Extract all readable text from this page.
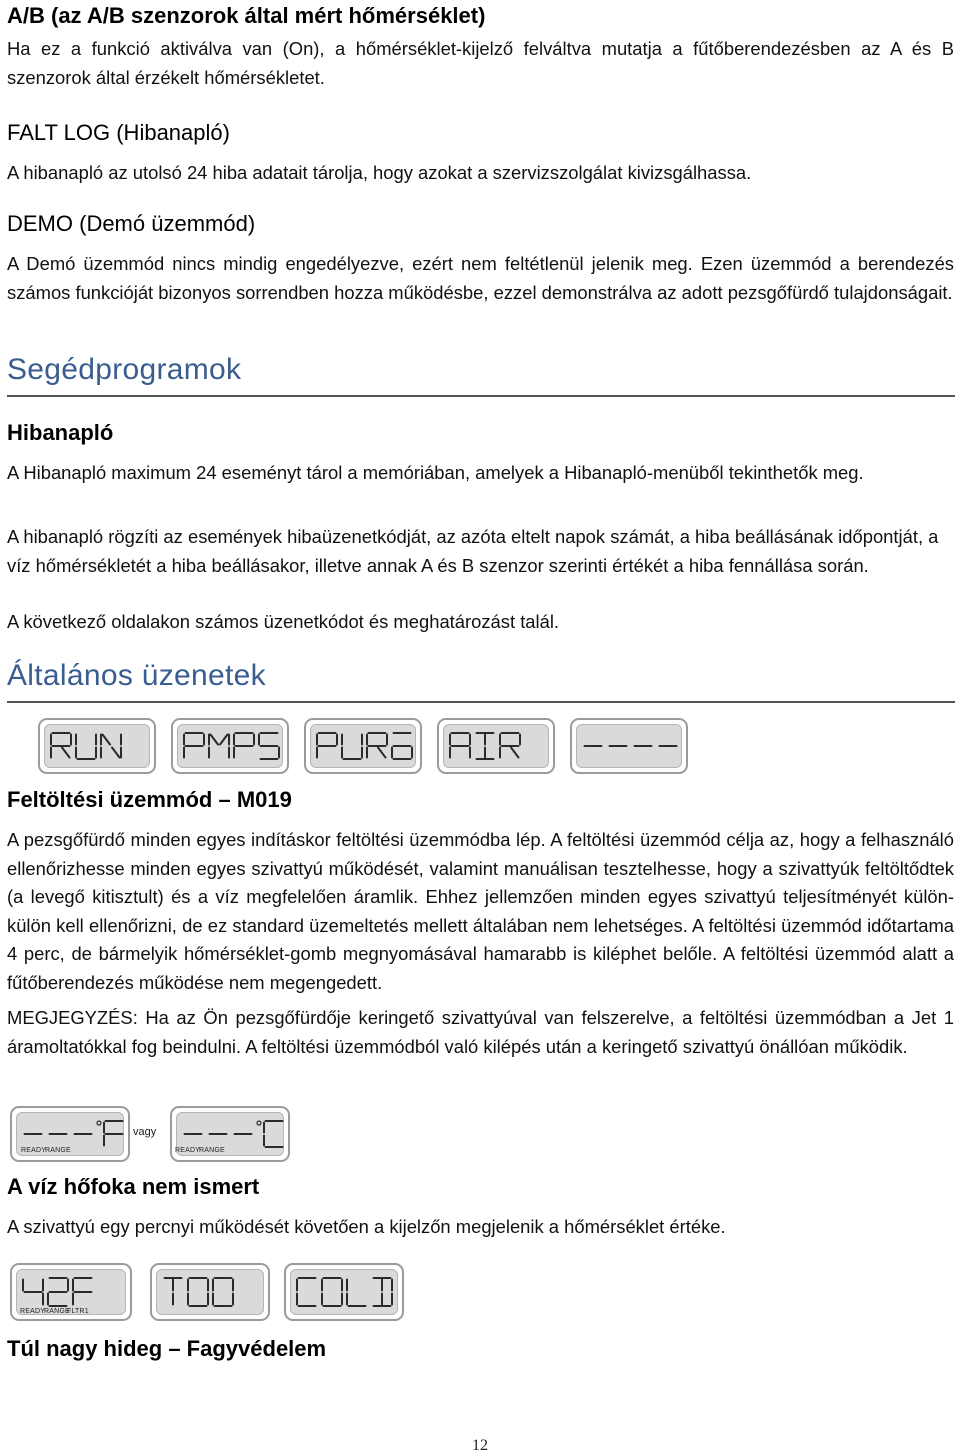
A/B (az A/B szenzorok által mért hőmérséklet)
Ha ez a funkció aktiválva van (On), a hőmérséklet-kijelző felváltva mutatja a fűtőberendezésben az A és B szenzorok által érzékelt hőmérsékletet.
FALT LOG (Hibanapló)
A hibanapló az utolsó 24 hiba adatait tárolja, hogy azokat a szervizszolgálat kivizsgálhassa.
DEMO (Demó üzemmód)
A Demó üzemmód nincs mindig engedélyezve, ezért nem feltétlenül jelenik meg. Ezen üzemmód a berendezés számos funkcióját bizonyos sorrendben hozza működésbe, ezzel demonstrálva az adott pezsgőfürdő tulajdonságait.
Segédprogramok
Hibanapló
A Hibanapló maximum 24 eseményt tárol a memóriában, amelyek a Hibanapló-menüből tekinthetők meg.
A hibanapló rögzíti az események hibaüzenetkódját, az azóta eltelt napok számát, a hiba beállásának időpontját, a víz hőmérsékletét a hiba beállásakor, illetve annak A és B szenzor szerinti értékét a hiba fennállása során.
A következő oldalakon számos üzenetkódot és meghatározást talál.
Általános üzenetek
Feltöltési üzemmód – M019
A pezsgőfürdő minden egyes indításkor feltöltési üzemmódba lép. A feltöltési üzemmód célja az, hogy a felhasználó ellenőrizhesse minden egyes szivattyú működését, valamint manuálisan tesztelhesse, hogy a szivattyúk feltöltődtek (a levegő kitisztult) és a víz megfelelően áramlik. Ehhez jellemzően minden egyes szivattyú teljesítményét külön-külön kell ellenőrizni, de ez standard üzemeltetés mellett általában nem lehetséges. A feltöltési üzemmód időtartama 4 perc, de bármelyik hőmérséklet-gomb megnyomásával hamarabb is kiléphet belőle. A feltöltési üzemmód alatt a fűtőberendezés működése nem megengedett.
MEGJEGYZÉS: Ha az Ön pezsgőfürdője keringető szivattyúval van felszerelve, a feltöltési üzemmódban a Jet 1 áramoltatókkal fog beindulni. A feltöltési üzemmódból való kilépés után a keringető szivattyú önállóan működik.
READY
RANGE
vagy
READY
RANGE
A víz hőfoka nem ismert
A szivattyú egy percnyi működését követően a kijelzőn megjelenik a hőmérséklet értéke.
READY
RANGE
FLTR1
Túl nagy hideg – Fagyvédelem
12
